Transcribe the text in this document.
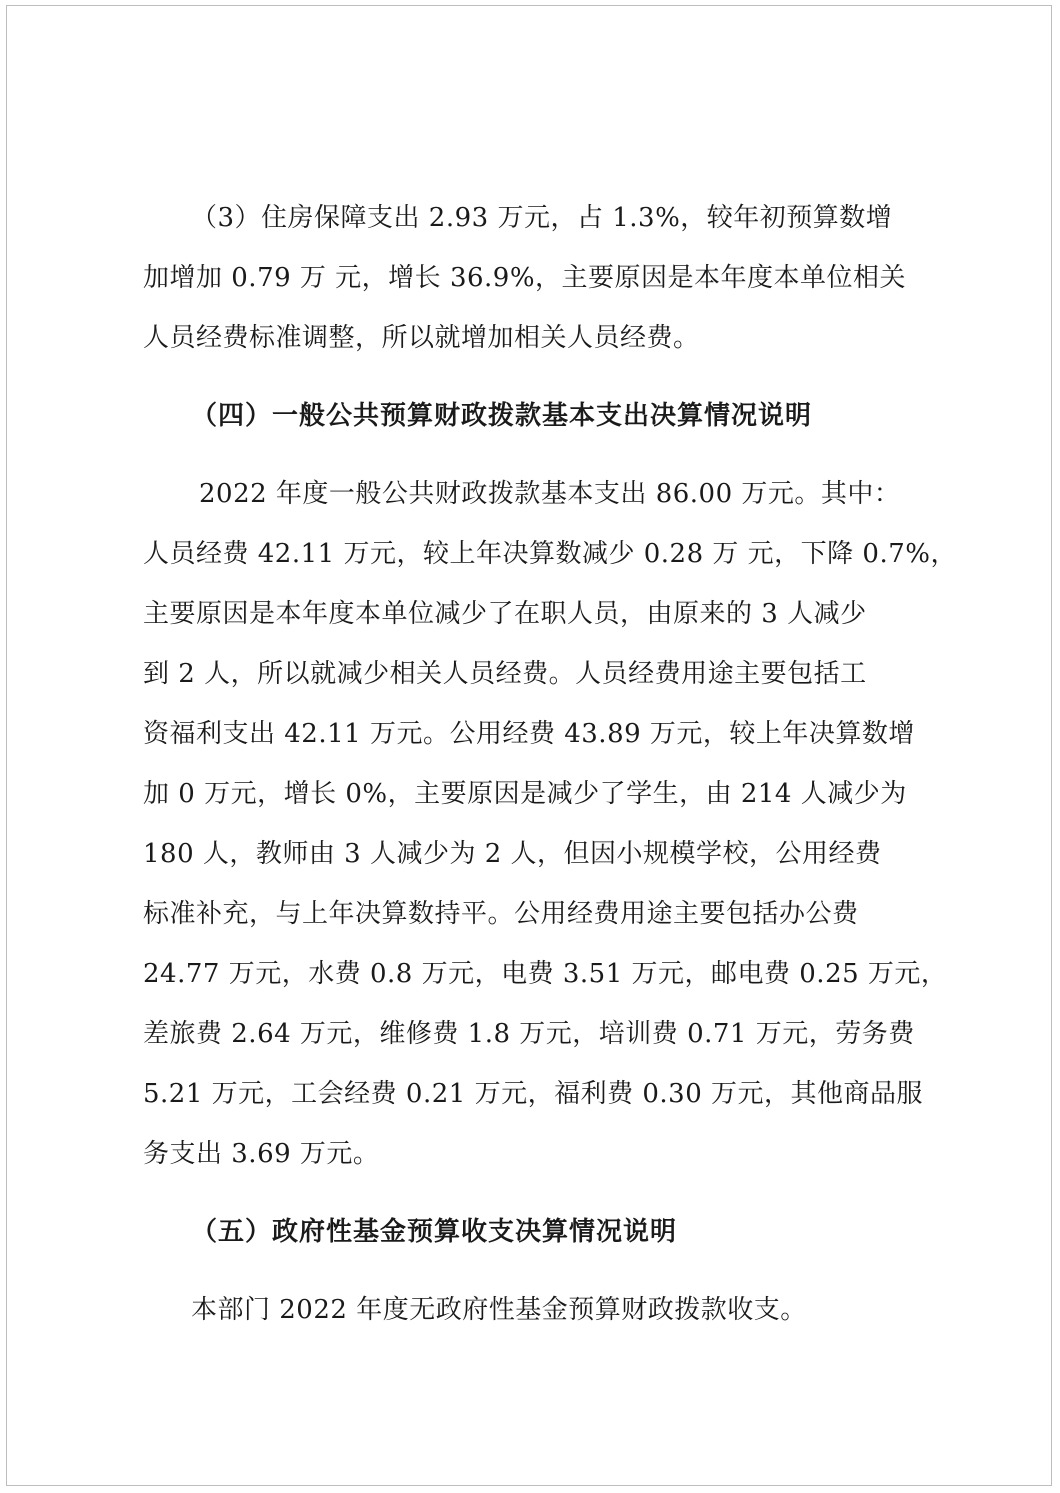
（3）住房保障支出 2.93 万元，占 1.3%，较年初预算数增
加增加 0.79 万 元，增长 36.9%，主要原因是本年度本单位相关
人员经费标准调整，所以就增加相关人员经费。
（四）一般公共预算财政拨款基本支出决算情况说明
2022 年度一般公共财政拨款基本支出 86.00 万元。其中：
人员经费 42.11 万元，较上年决算数减少 0.28 万 元，下降 0.7%，
主要原因是本年度本单位减少了在职人员，由原来的 3 人减少
到 2 人，所以就减少相关人员经费。人员经费用途主要包括工
资福利支出 42.11 万元。公用经费 43.89 万元，较上年决算数增
加 0 万元，增长 0%，主要原因是减少了学生，由 214 人减少为
180 人，教师由 3 人减少为 2 人，但因小规模学校，公用经费
标准补充，与上年决算数持平。公用经费用途主要包括办公费
24.77 万元，水费 0.8 万元，电费 3.51 万元，邮电费 0.25 万元，
差旅费 2.64 万元，维修费 1.8 万元，培训费 0.71 万元，劳务费
5.21 万元，工会经费 0.21 万元，福利费 0.30 万元，其他商品服
务支出 3.69 万元。
（五）政府性基金预算收支决算情况说明
本部门 2022 年度无政府性基金预算财政拨款收支。
